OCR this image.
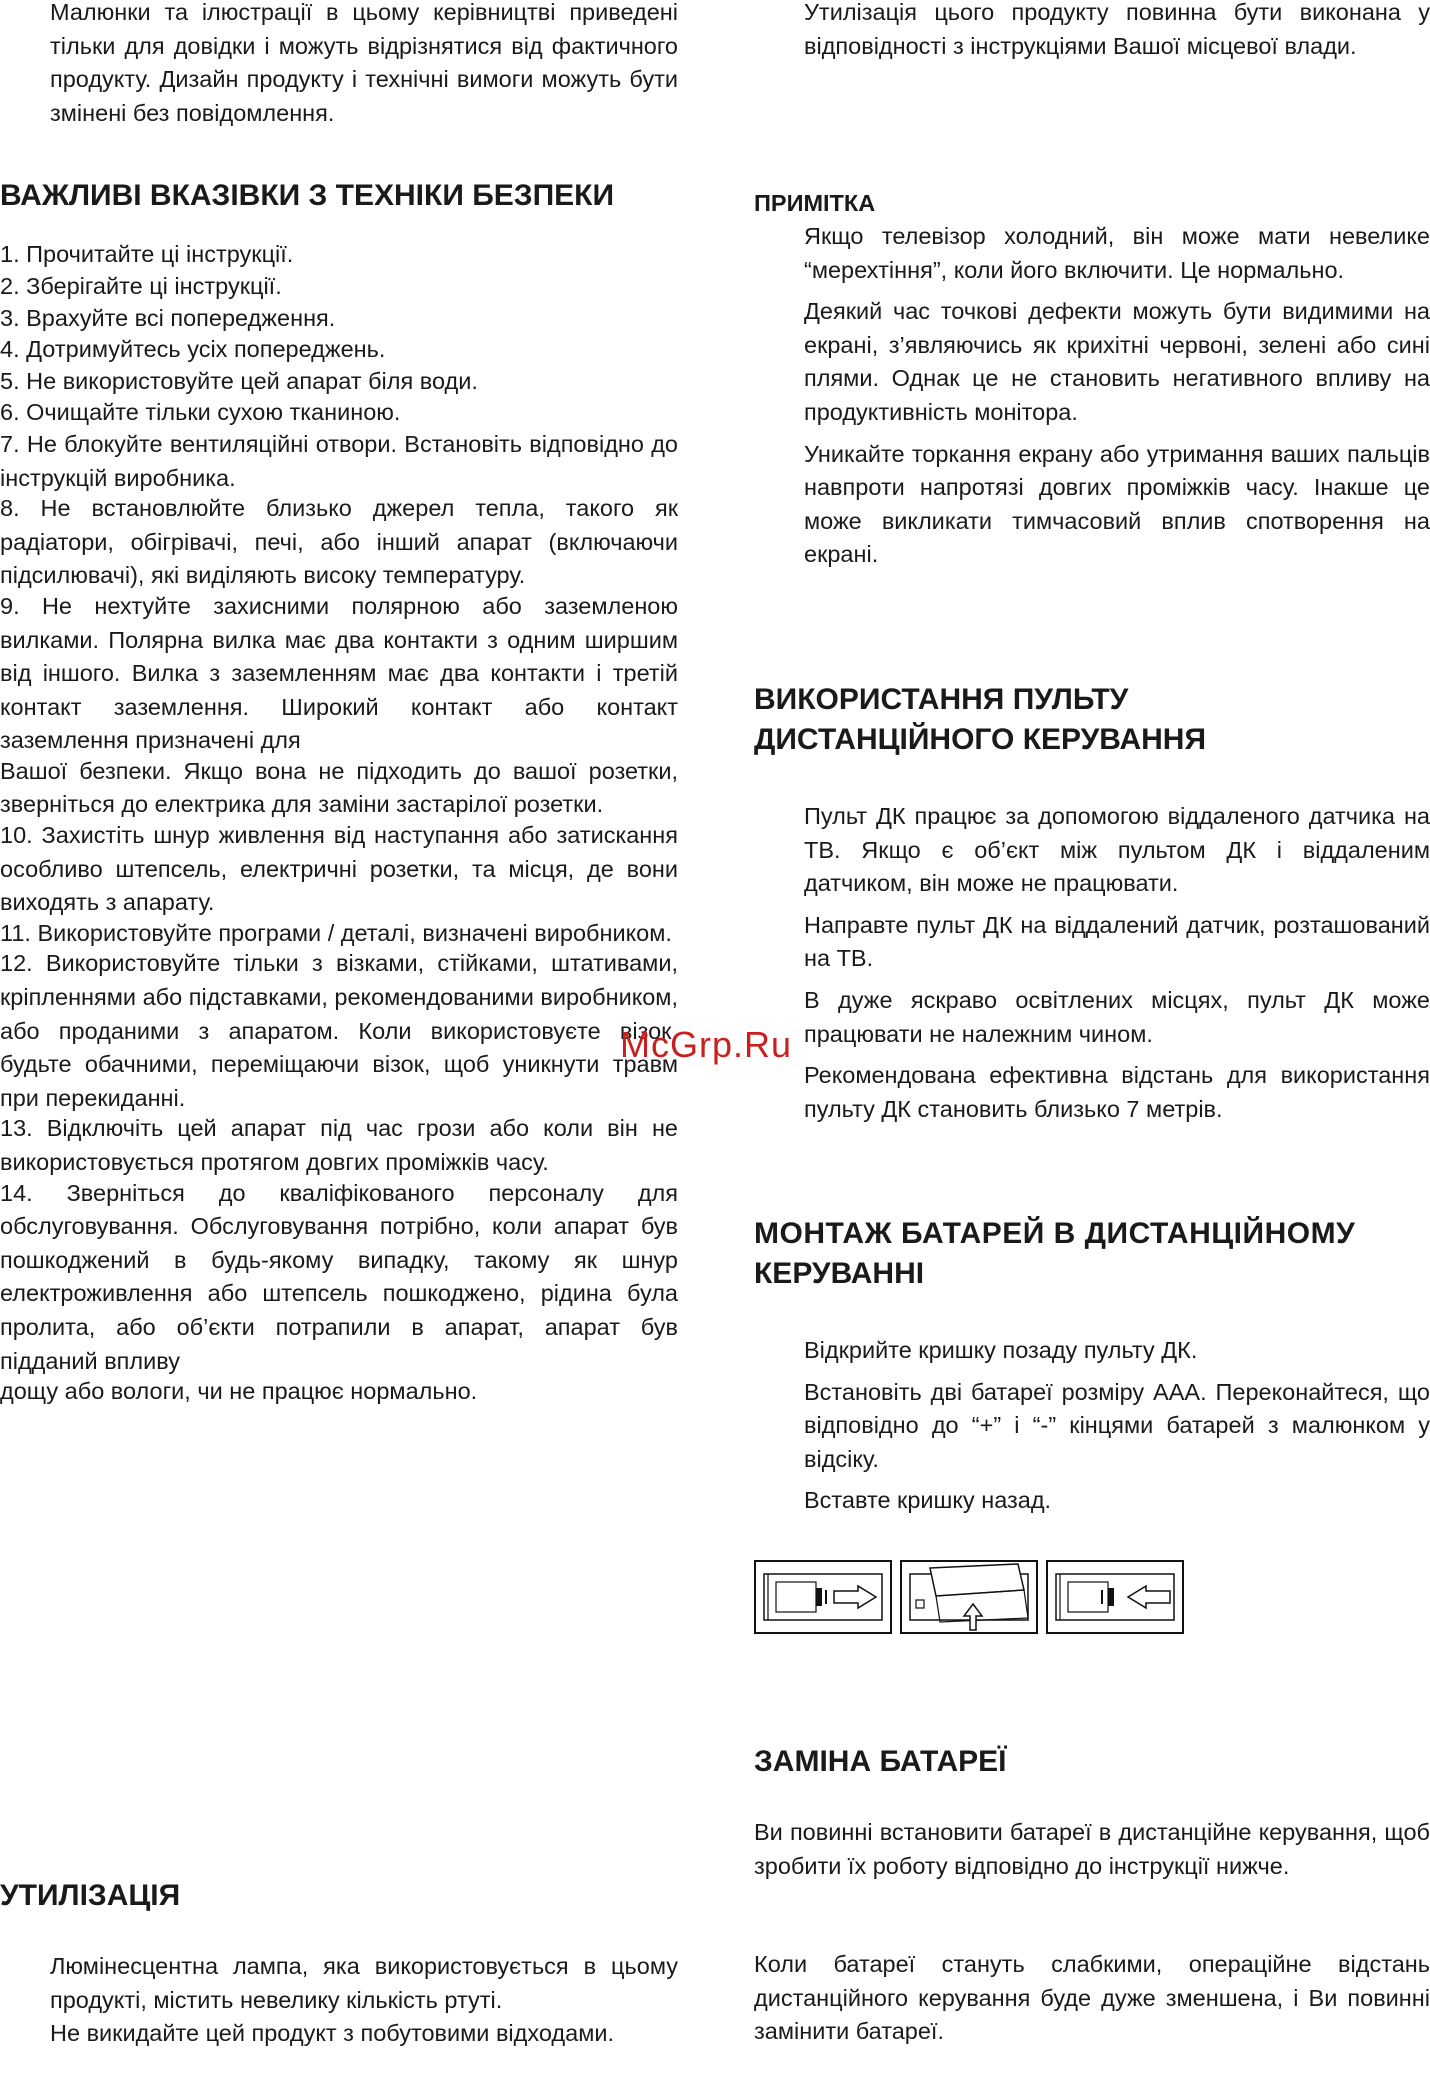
Малюнки та ілюстрації в цьому керівництві приведені тільки для довідки і можуть відрізнятися від фактичного продукту. Дизайн продукту і технічні вимоги можуть бути змінені без повідомлення.

ВАЖЛИВІ ВКАЗІВКИ З ТЕХНІКИ БЕЗПЕКИ

1. Прочитайте ці інструкції.

2. Зберігайте ці інструкції.

3. Врахуйте всі попередження.

4. Дотримуйтесь усіх попереджень.

5. Не використовуйте цей апарат біля води.

6. Очищайте тільки сухою тканиною.

7. Не блокуйте вентиляційні отвори. Встановіть відповідно до інструкцій виробника.

8. Не встановлюйте близько джерел тепла, такого як радіатори, обігрівачі, печі, або інший апарат (включаючи підсилювачі), які виділяють високу температуру.

9. Не нехтуйте захисними полярною або заземленою вилками. Полярна вилка має два контакти з одним ширшим від іншого. Вилка з заземленням має два контакти і третій контакт заземлення. Широкий контакт або контакт заземлення призначені для

Вашої безпеки. Якщо вона не підходить до вашої розетки, зверніться до електрика для заміни застарілої розетки.

10. Захистіть шнур живлення від наступання або затискання особливо штепсель, електричні розетки, та місця, де вони виходять з апарату.

11. Використовуйте програми / деталі, визначені виробником.

12. Використовуйте тільки з візками, стійками, штативами, кріпленнями або підставками, рекомендованими виробником, або проданими з апаратом. Коли використовуєте візок, будьте обачними, переміщаючи візок, щоб уникнути травм при перекиданні.

13. Відключіть цей апарат під час грози або коли він не використовується протягом довгих проміжків часу.

14. Зверніться до кваліфікованого персоналу для обслуговування. Обслуговування потрібно, коли апарат був пошкоджений в будь-якому випадку, такому як шнур електроживлення або штепсель пошкоджено, рідина була пролита, або об’єкти потрапили в апарат, апарат був підданий впливу

дощу або вологи, чи не працює нормально.

УТИЛІЗАЦІЯ

Люмінесцентна лампа, яка використовується в цьому продукті, містить невелику кількість ртуті.

Не викидайте цей продукт з побутовими відходами.

Утилізація цього продукту повинна бути виконана у відповідності з інструкціями Вашої місцевої влади.

ПРИМІТКА

Якщо телевізор холодний, він може мати невелике “мерехтіння”, коли його включити. Це нормально.

Деякий час точкові дефекти можуть бути видимими на екрані, з’являючись як крихітні червоні, зелені або сині плями. Однак це не становить негативного впливу на продуктивність монітора.

Уникайте торкання екрану або утримання ваших пальців навпроти напротязі довгих проміжків часу. Інакше це може викликати тимчасовий вплив спотворення на екрані.

ВИКОРИСТАННЯ ПУЛЬТУ
ДИСТАНЦІЙНОГО КЕРУВАННЯ

Пульт ДК працює за допомогою віддаленого датчика на ТВ. Якщо є об’єкт між пультом ДК і віддаленим датчиком, він може не працювати.

Направте пульт ДК на віддалений датчик, розташований на ТВ.

В дуже яскраво освітлених місцях, пульт ДК може працювати не належним чином.

Рекомендована ефективна відстань для використання пульту ДК становить близько 7 метрів.

МОНТАЖ БАТАРЕЙ В ДИСТАНЦІЙНОМУ
КЕРУВАННІ

Відкрийте кришку позаду пульту ДК.

Встановіть дві батареї розміру ААА. Переконайтеся, що відповідно до “+” і “-” кінцями батарей з малюнком у відсіку.

Вставте кришку назад.

ЗАМІНА БАТАРЕЇ

Ви повинні встановити батареї в дистанційне керування, щоб зробити їх роботу відповідно до інструкції нижче.

Коли батареї стануть слабкими, операційне відстань дистанційного керування буде дуже зменшена, і Ви повинні замінити батареї.

McGrp.Ru
